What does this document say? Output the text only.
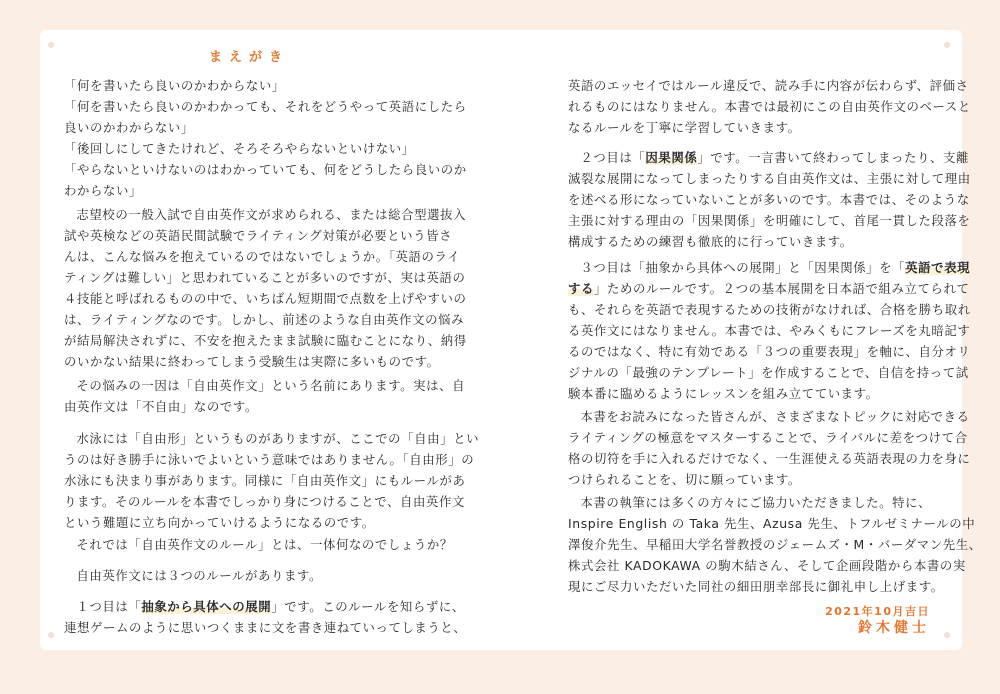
まえがき
「何を書いたら良いのかわからない」
「何を書いたら良いのかわかっても、それをどうやって英語にしたら
良いのかわからない」
「後回しにしてきたけれど、そろそろやらないといけない」
「やらないといけないのはわかっていても、何をどうしたら良いのか
わからない」
志望校の一般入試で自由英作文が求められる、または総合型選抜入
試や英検などの英語民間試験でライティング対策が必要という皆さ
んは、こんな悩みを抱えているのではないでしょうか。「英語のライ
ティングは難しい」と思われていることが多いのですが、実は英語の
４技能と呼ばれるものの中で、いちばん短期間で点数を上げやすいの
は、ライティングなのです。しかし、前述のような自由英作文の悩み
が結局解決されずに、不安を抱えたまま試験に臨むことになり、納得
のいかない結果に終わってしまう受験生は実際に多いものです。
その悩みの一因は「自由英作文」という名前にあります。実は、自
由英作文は「不自由」なのです。
水泳には「自由形」というものがありますが、ここでの「自由」とい
うのは好き勝手に泳いでよいという意味ではありません。「自由形」の
水泳にも決まり事があります。同様に「自由英作文」にもルールがあ
ります。そのルールを本書でしっかり身につけることで、自由英作文
という難題に立ち向かっていけるようになるのです。
それでは「自由英作文のルール」とは、一体何なのでしょうか？
自由英作文には３つのルールがあります。
１つ目は「抽象から具体への展開」です。このルールを知らずに、
連想ゲームのように思いつくままに文を書き連ねていってしまうと、
英語のエッセイではルール違反で、読み手に内容が伝わらず、評価さ
れるものにはなりません。本書では最初にこの自由英作文のベースと
なるルールを丁寧に学習していきます。
２つ目は「因果関係」です。一言書いて終わってしまったり、支離
滅裂な展開になってしまったりする自由英作文は、主張に対して理由
を述べる形になっていないことが多いのです。本書では、そのような
主張に対する理由の「因果関係」を明確にして、首尾一貫した段落を
構成するための練習も徹底的に行っていきます。
３つ目は「抽象から具体への展開」と「因果関係」を「英語で表現
する」ためのルールです。２つの基本展開を日本語で組み立てられて
も、それらを英語で表現するための技術がなければ、合格を勝ち取れ
る英作文にはなりません。本書では、やみくもにフレーズを丸暗記す
るのではなく、特に有効である「３つの重要表現」を軸に、自分オリ
ジナルの「最強のテンプレート」を作成することで、自信を持って試
験本番に臨めるようにレッスンを組み立てています。
本書をお読みになった皆さんが、さまざまなトピックに対応できる
ライティングの極意をマスターすることで、ライバルに差をつけて合
格の切符を手に入れるだけでなく、一生涯使える英語表現の力を身に
つけられることを、切に願っています。
本書の執筆には多くの方々にご協力いただきました。特に、
Inspire English の Taka 先生、Azusa 先生、トフルゼミナールの中
澤俊介先生、早稲田大学名誉教授のジェームズ・M・バーダマン先生、
株式会社 KADOKAWA の駒木結さん、そして企画段階から本書の実
現にご尽力いただいた同社の細田朋幸部長に御礼申し上げます。
2021年10月吉日
鈴木健士
